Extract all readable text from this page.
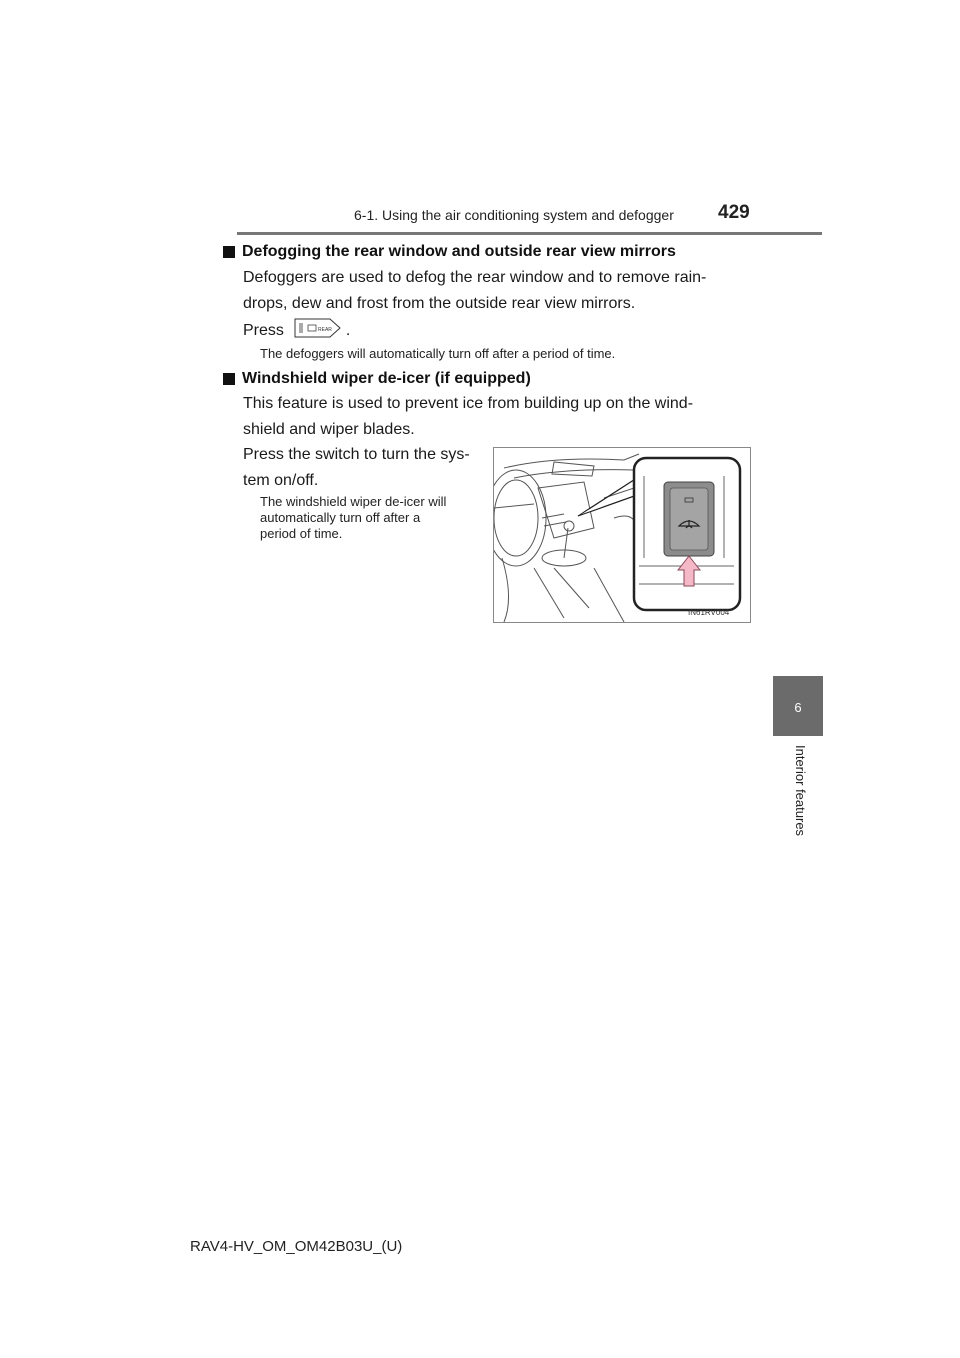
6-1. Using the air conditioning system and defogger 429
6
Interior features
Defogging the rear window and outside rear view mirrors
Defoggers are used to defog the rear window and to remove rain-
drops, dew and frost from the outside rear view mirrors.
Press	REAR .
The defoggers will automatically turn off after a period of time.
Windshield wiper de-icer (if equipped)
This feature is used to prevent ice from building up on the wind-
shield and wiper blades.
Press the switch to turn the sys-
tem on/off.
The windshield wiper de-icer will
automatically turn off after a
period of time.
IN61RV004
RAV4-HV_OM_OM42B03U_(U)
